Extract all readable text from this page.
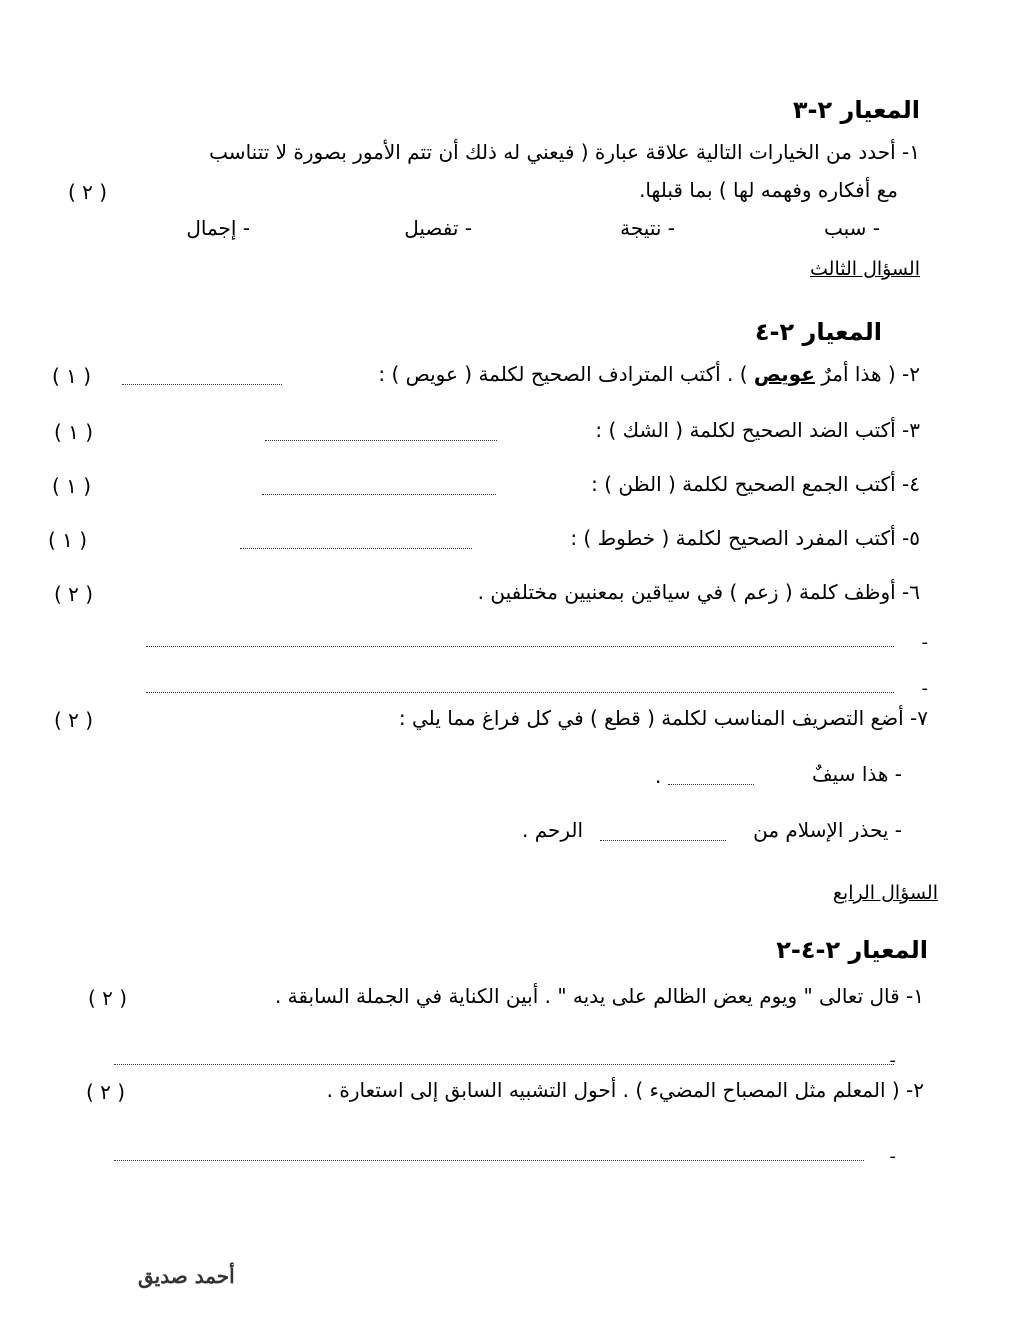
المعيار ٢-٣
١- أحدد من الخيارات التالية علاقة عبارة ( فيعني له ذلك أن تتم الأمور بصورة لا تتناسب
مع أفكاره وفهمه لها ) بما قبلها.
( ٢ )
- سبب
- نتيجة
- تفصيل
- إجمال
السؤال الثالث
المعيار ٢-٤
٢- ( هذا أمرٌ عويص ) . أكتب المترادف الصحيح لكلمة ( عويص ) :
( ١ )
٣- أكتب الضد الصحيح لكلمة ( الشك ) :
( ١ )
٤- أكتب الجمع الصحيح لكلمة ( الظن ) :
( ١ )
٥- أكتب المفرد الصحيح لكلمة ( خطوط ) :
( ١ )
٦- أوظف كلمة ( زعم ) في سياقين بمعنيين مختلفين .
( ٢ )
-
-
٧- أضع التصريف المناسب لكلمة ( قطع ) في كل فراغ مما يلي :
( ٢ )
- هذا سيفٌ
.
- يحذر الإسلام من
الرحم .
السؤال الرابع
المعيار ٢-٤-٢
١- قال تعالى " ويوم يعض الظالم على يديه " . أبين الكناية في الجملة السابقة .
( ٢ )
-
٢- ( المعلم مثل المصباح المضيء ) . أحول التشبيه السابق إلى استعارة .
( ٢ )
-
أحمد صديق
